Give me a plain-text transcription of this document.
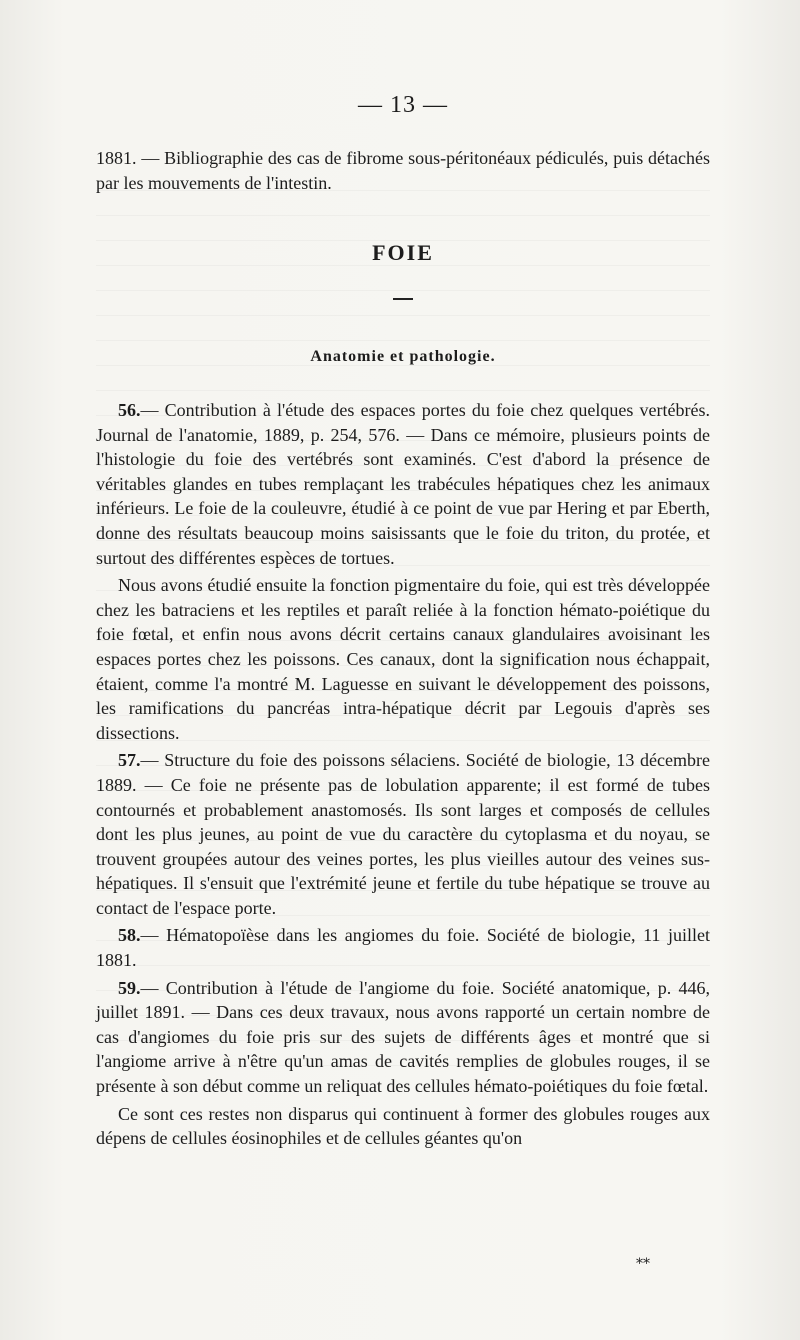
— 13 —

1881. — Bibliographie des cas de fibrome sous-péritonéaux pédiculés, puis détachés par les mouvements de l'intestin.

FOIE
Anatomie et pathologie.

56.— Contribution à l'étude des espaces portes du foie chez quelques vertébrés. Journal de l'anatomie, 1889, p. 254, 576. — Dans ce mémoire, plusieurs points de l'histologie du foie des vertébrés sont examinés. C'est d'abord la présence de véritables glandes en tubes remplaçant les trabécules hépatiques chez les animaux inférieurs. Le foie de la couleuvre, étudié à ce point de vue par Hering et par Eberth, donne des résultats beaucoup moins saisissants que le foie du triton, du protée, et surtout des différentes espèces de tortues.

Nous avons étudié ensuite la fonction pigmentaire du foie, qui est très développée chez les batraciens et les reptiles et paraît reliée à la fonction hémato-poiétique du foie fœtal, et enfin nous avons décrit certains canaux glandulaires avoisinant les espaces portes chez les poissons. Ces canaux, dont la signification nous échappait, étaient, comme l'a montré M. Laguesse en suivant le développement des poissons, les ramifications du pancréas intra-hépatique décrit par Legouis d'après ses dissections.

57.— Structure du foie des poissons sélaciens. Société de biologie, 13 décembre 1889. — Ce foie ne présente pas de lobulation apparente; il est formé de tubes contournés et probablement anastomosés. Ils sont larges et composés de cellules dont les plus jeunes, au point de vue du caractère du cytoplasma et du noyau, se trouvent groupées autour des veines portes, les plus vieilles autour des veines sus-hépatiques. Il s'ensuit que l'extrémité jeune et fertile du tube hépatique se trouve au contact de l'espace porte.

58.— Hématopoïèse dans les angiomes du foie. Société de biologie, 11 juillet 1881.

59.— Contribution à l'étude de l'angiome du foie. Société anatomique, p. 446, juillet 1891. — Dans ces deux travaux, nous avons rapporté un certain nombre de cas d'angiomes du foie pris sur des sujets de différents âges et montré que si l'angiome arrive à n'être qu'un amas de cavités remplies de globules rouges, il se présente à son début comme un reliquat des cellules hémato-poiétiques du foie fœtal.

Ce sont ces restes non disparus qui continuent à former des globules rouges aux dépens de cellules éosinophiles et de cellules géantes qu'on

**
